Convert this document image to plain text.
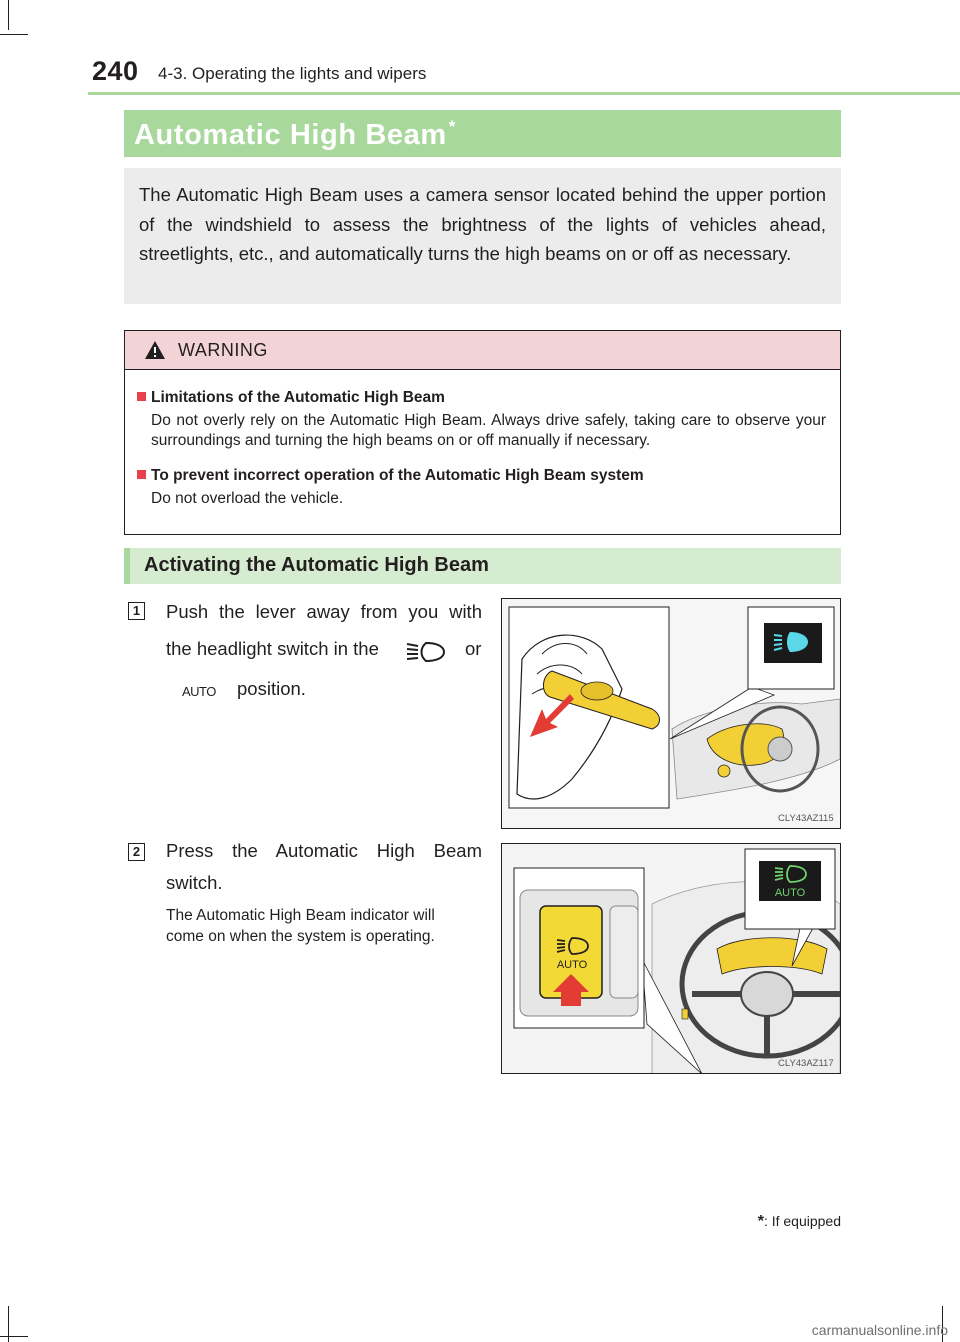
240 4-3. Operating the lights and wipers
Automatic High Beam *

The Automatic High Beam uses a camera sensor located behind the upper portion of the windshield to assess the brightness of the lights of vehicles ahead, streetlights, etc., and automatically turns the high beams on or off as necessary.

WARNING
Limitations of the Automatic High Beam
Do not overly rely on the Automatic High Beam. Always drive safely, taking care to observe your surroundings and turning the high beams on or off manually if necessary.
To prevent incorrect operation of the Automatic High Beam system
Do not overload the vehicle.
Activating the Automatic High Beam
1 Push the lever away from you with
the headlight switch in the	or
AUTO position.
CLY43AZ115
2 Press the Automatic High Beam
switch.
The Automatic High Beam indicator will
come on when the system is operating.
AUTO
AUTO
CLY43AZ117
*: If equipped
carmanualsonline.info
